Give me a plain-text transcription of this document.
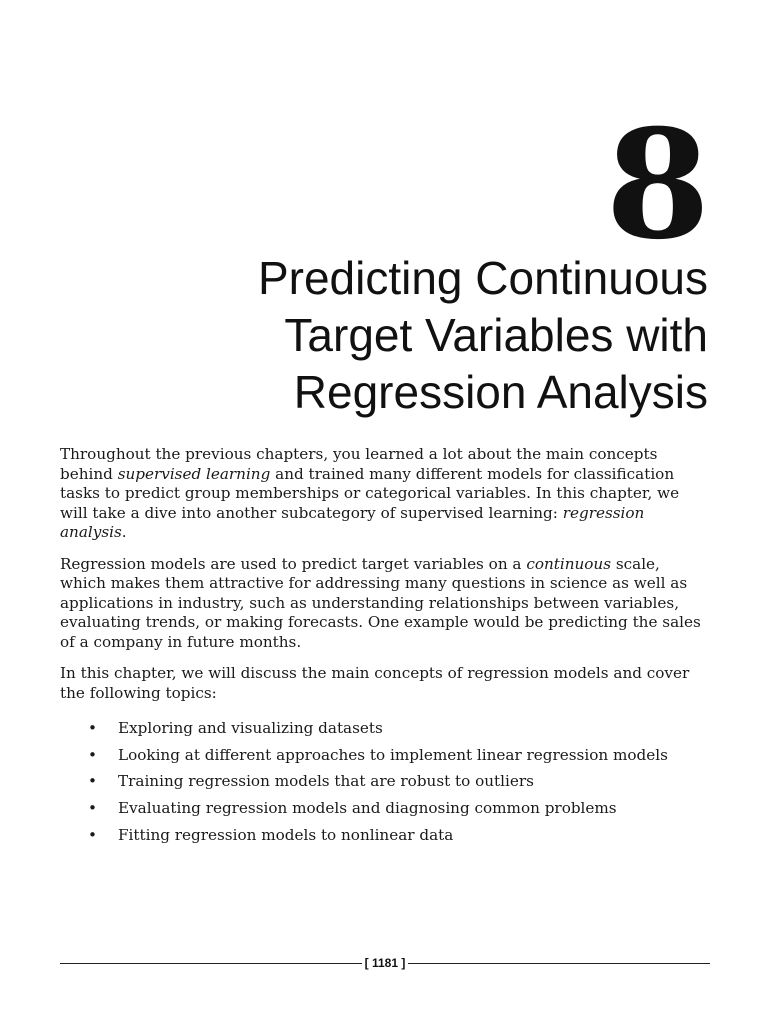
8
Predicting Continuous
Target Variables with
Regression Analysis

Throughout the previous chapters, you learned a lot about the main concepts behind supervised learning and trained many different models for classification tasks to predict group memberships or categorical variables. In this chapter, we will take a dive into another subcategory of supervised learning: regression analysis.

Regression models are used to predict target variables on a continuous scale, which makes them attractive for addressing many questions in science as well as applications in industry, such as understanding relationships between variables, evaluating trends, or making forecasts. One example would be predicting the sales of a company in future months.

In this chapter, we will discuss the main concepts of regression models and cover the following topics:

• Exploring and visualizing datasets
• Looking at different approaches to implement linear regression models
• Training regression models that are robust to outliers
• Evaluating regression models and diagnosing common problems
• Fitting regression models to nonlinear data
[ 1181 ]
